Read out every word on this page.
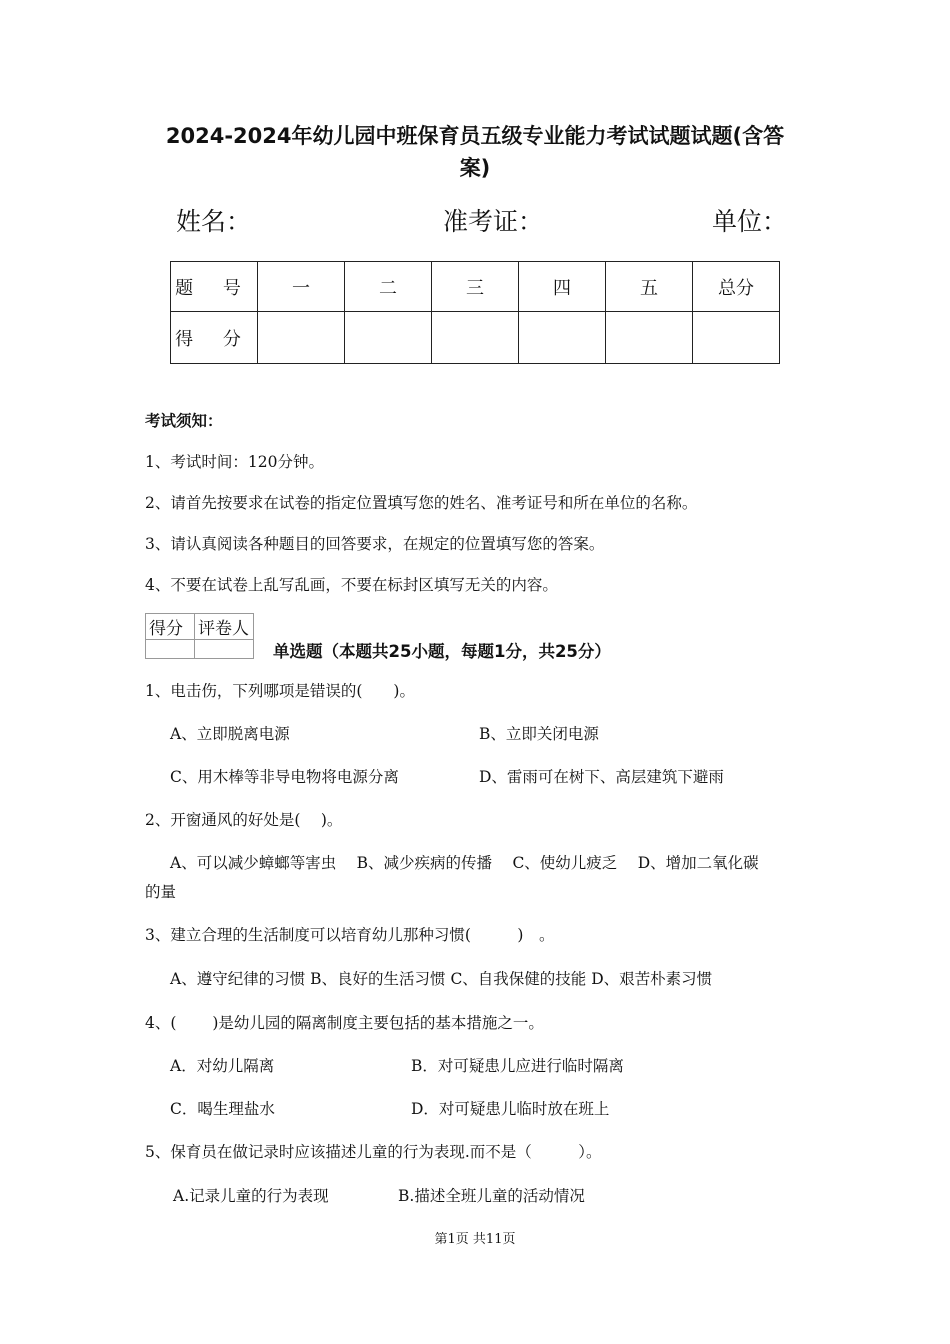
2024-2024年幼儿园中班保育员五级专业能力考试试题试题(含答
案)
姓名：	准考证：	单位：
题 号	一	二	三	四	五	总分
得 分						
考试须知：
1、考试时间：120分钟。
2、请首先按要求在试卷的指定位置填写您的姓名、准考证号和所在单位的名称。
3、请认真阅读各种题目的回答要求，在规定的位置填写您的答案。
4、不要在试卷上乱写乱画，不要在标封区填写无关的内容。
得分	评卷人

单选题（本题共25小题，每题1分，共25分）
1、电击伤，下列哪项是错误的(　　)。
A、立即脱离电源	B、立即关闭电源
C、用木棒等非导电物将电源分离	D、雷雨可在树下、高层建筑下避雨
2、开窗通风的好处是(　 )。
A、可以减少蟑螂等害虫　 B、减少疾病的传播　 C、使幼儿疲乏　 D、增加二氧化碳
的量
3、建立合理的生活制度可以培育幼儿那种习惯(　　　)　。
A、遵守纪律的习惯 B、良好的生活习惯 C、自我保健的技能 D、艰苦朴素习惯
4、(　　 )是幼儿园的隔离制度主要包括的基本措施之一。
A．对幼儿隔离	B．对可疑患儿应进行临时隔离
C．喝生理盐水	D．对可疑患儿临时放在班上
5、保育员在做记录时应该描述儿童的行为表现.而不是（　　　）。
A.记录儿童的行为表现	B.描述全班儿童的活动情况
第1页 共11页
